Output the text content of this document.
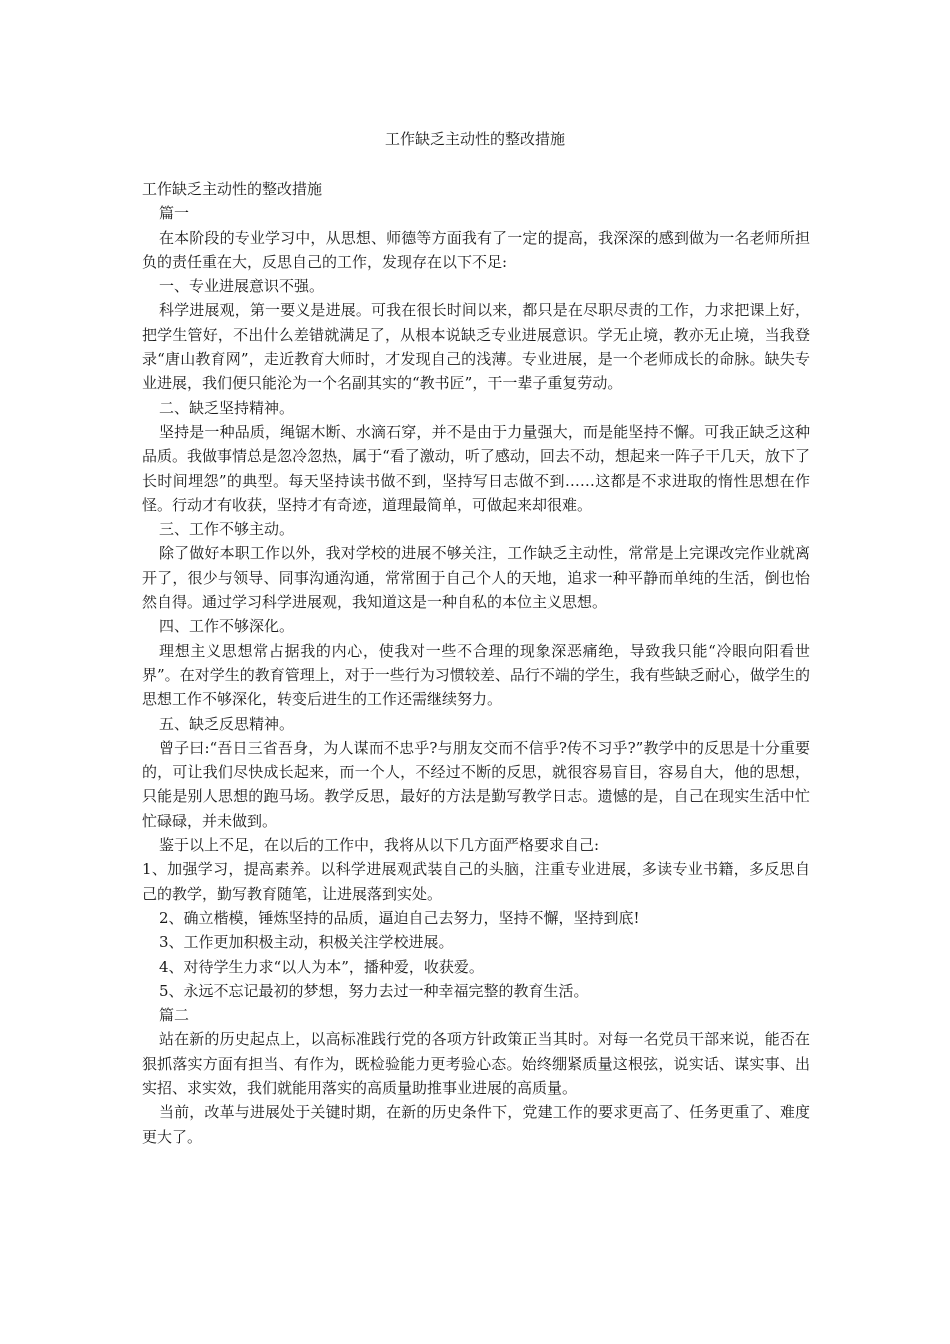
工作缺乏主动性的整改措施

工作缺乏主动性的整改措施

篇一

在本阶段的专业学习中，从思想、师德等方面我有了一定的提高，我深深的感到做为一名老师所担负的责任重在大，反思自己的工作，发现存在以下不足:

一、专业进展意识不强。

科学进展观，第一要义是进展。可我在很长时间以来，都只是在尽职尽责的工作，力求把课上好，把学生管好，不出什么差错就满足了，从根本说缺乏专业进展意识。学无止境，教亦无止境，当我登录“唐山教育网”，走近教育大师时，才发现自己的浅薄。专业进展，是一个老师成长的命脉。缺失专业进展，我们便只能沦为一个名副其实的“教书匠”，干一辈子重复劳动。

二、缺乏坚持精神。

坚持是一种品质，绳锯木断、水滴石穿，并不是由于力量强大，而是能坚持不懈。可我正缺乏这种品质。我做事情总是忽冷忽热，属于“看了激动，听了感动，回去不动，想起来一阵子干几天，放下了长时间埋怨”的典型。每天坚持读书做不到，坚持写日志做不到……这都是不求进取的惰性思想在作怪。行动才有收获，坚持才有奇迹，道理最简单，可做起来却很难。

三、工作不够主动。

除了做好本职工作以外，我对学校的进展不够关注，工作缺乏主动性，常常是上完课改完作业就离开了，很少与领导、同事沟通沟通，常常囿于自己个人的天地，追求一种平静而单纯的生活，倒也怡然自得。通过学习科学进展观，我知道这是一种自私的本位主义思想。

四、工作不够深化。

理想主义思想常占据我的内心，使我对一些不合理的现象深恶痛绝，导致我只能“冷眼向阳看世界”。在对学生的教育管理上，对于一些行为习惯较差、品行不端的学生，我有些缺乏耐心，做学生的思想工作不够深化，转变后进生的工作还需继续努力。

五、缺乏反思精神。

曾子曰:“吾日三省吾身，为人谋而不忠乎?与朋友交而不信乎?传不习乎?”教学中的反思是十分重要的，可让我们尽快成长起来，而一个人，不经过不断的反思，就很容易盲目，容易自大，他的思想，只能是别人思想的跑马场。教学反思，最好的方法是勤写教学日志。遗憾的是，自己在现实生活中忙忙碌碌，并未做到。

鉴于以上不足，在以后的工作中，我将从以下几方面严格要求自己:

1、加强学习，提高素养。以科学进展观武装自己的头脑，注重专业进展，多读专业书籍，多反思自己的教学，勤写教育随笔，让进展落到实处。

2、确立楷模，锤炼坚持的品质，逼迫自己去努力，坚持不懈，坚持到底!

3、工作更加积极主动，积极关注学校进展。

4、对待学生力求“以人为本”，播种爱，收获爱。

5、永远不忘记最初的梦想，努力去过一种幸福完整的教育生活。

篇二

站在新的历史起点上，以高标准践行党的各项方针政策正当其时。对每一名党员干部来说，能否在狠抓落实方面有担当、有作为，既检验能力更考验心态。始终绷紧质量这根弦，说实话、谋实事、出实招、求实效，我们就能用落实的高质量助推事业进展的高质量。

当前，改革与进展处于关键时期，在新的历史条件下，党建工作的要求更高了、任务更重了、难度更大了。
